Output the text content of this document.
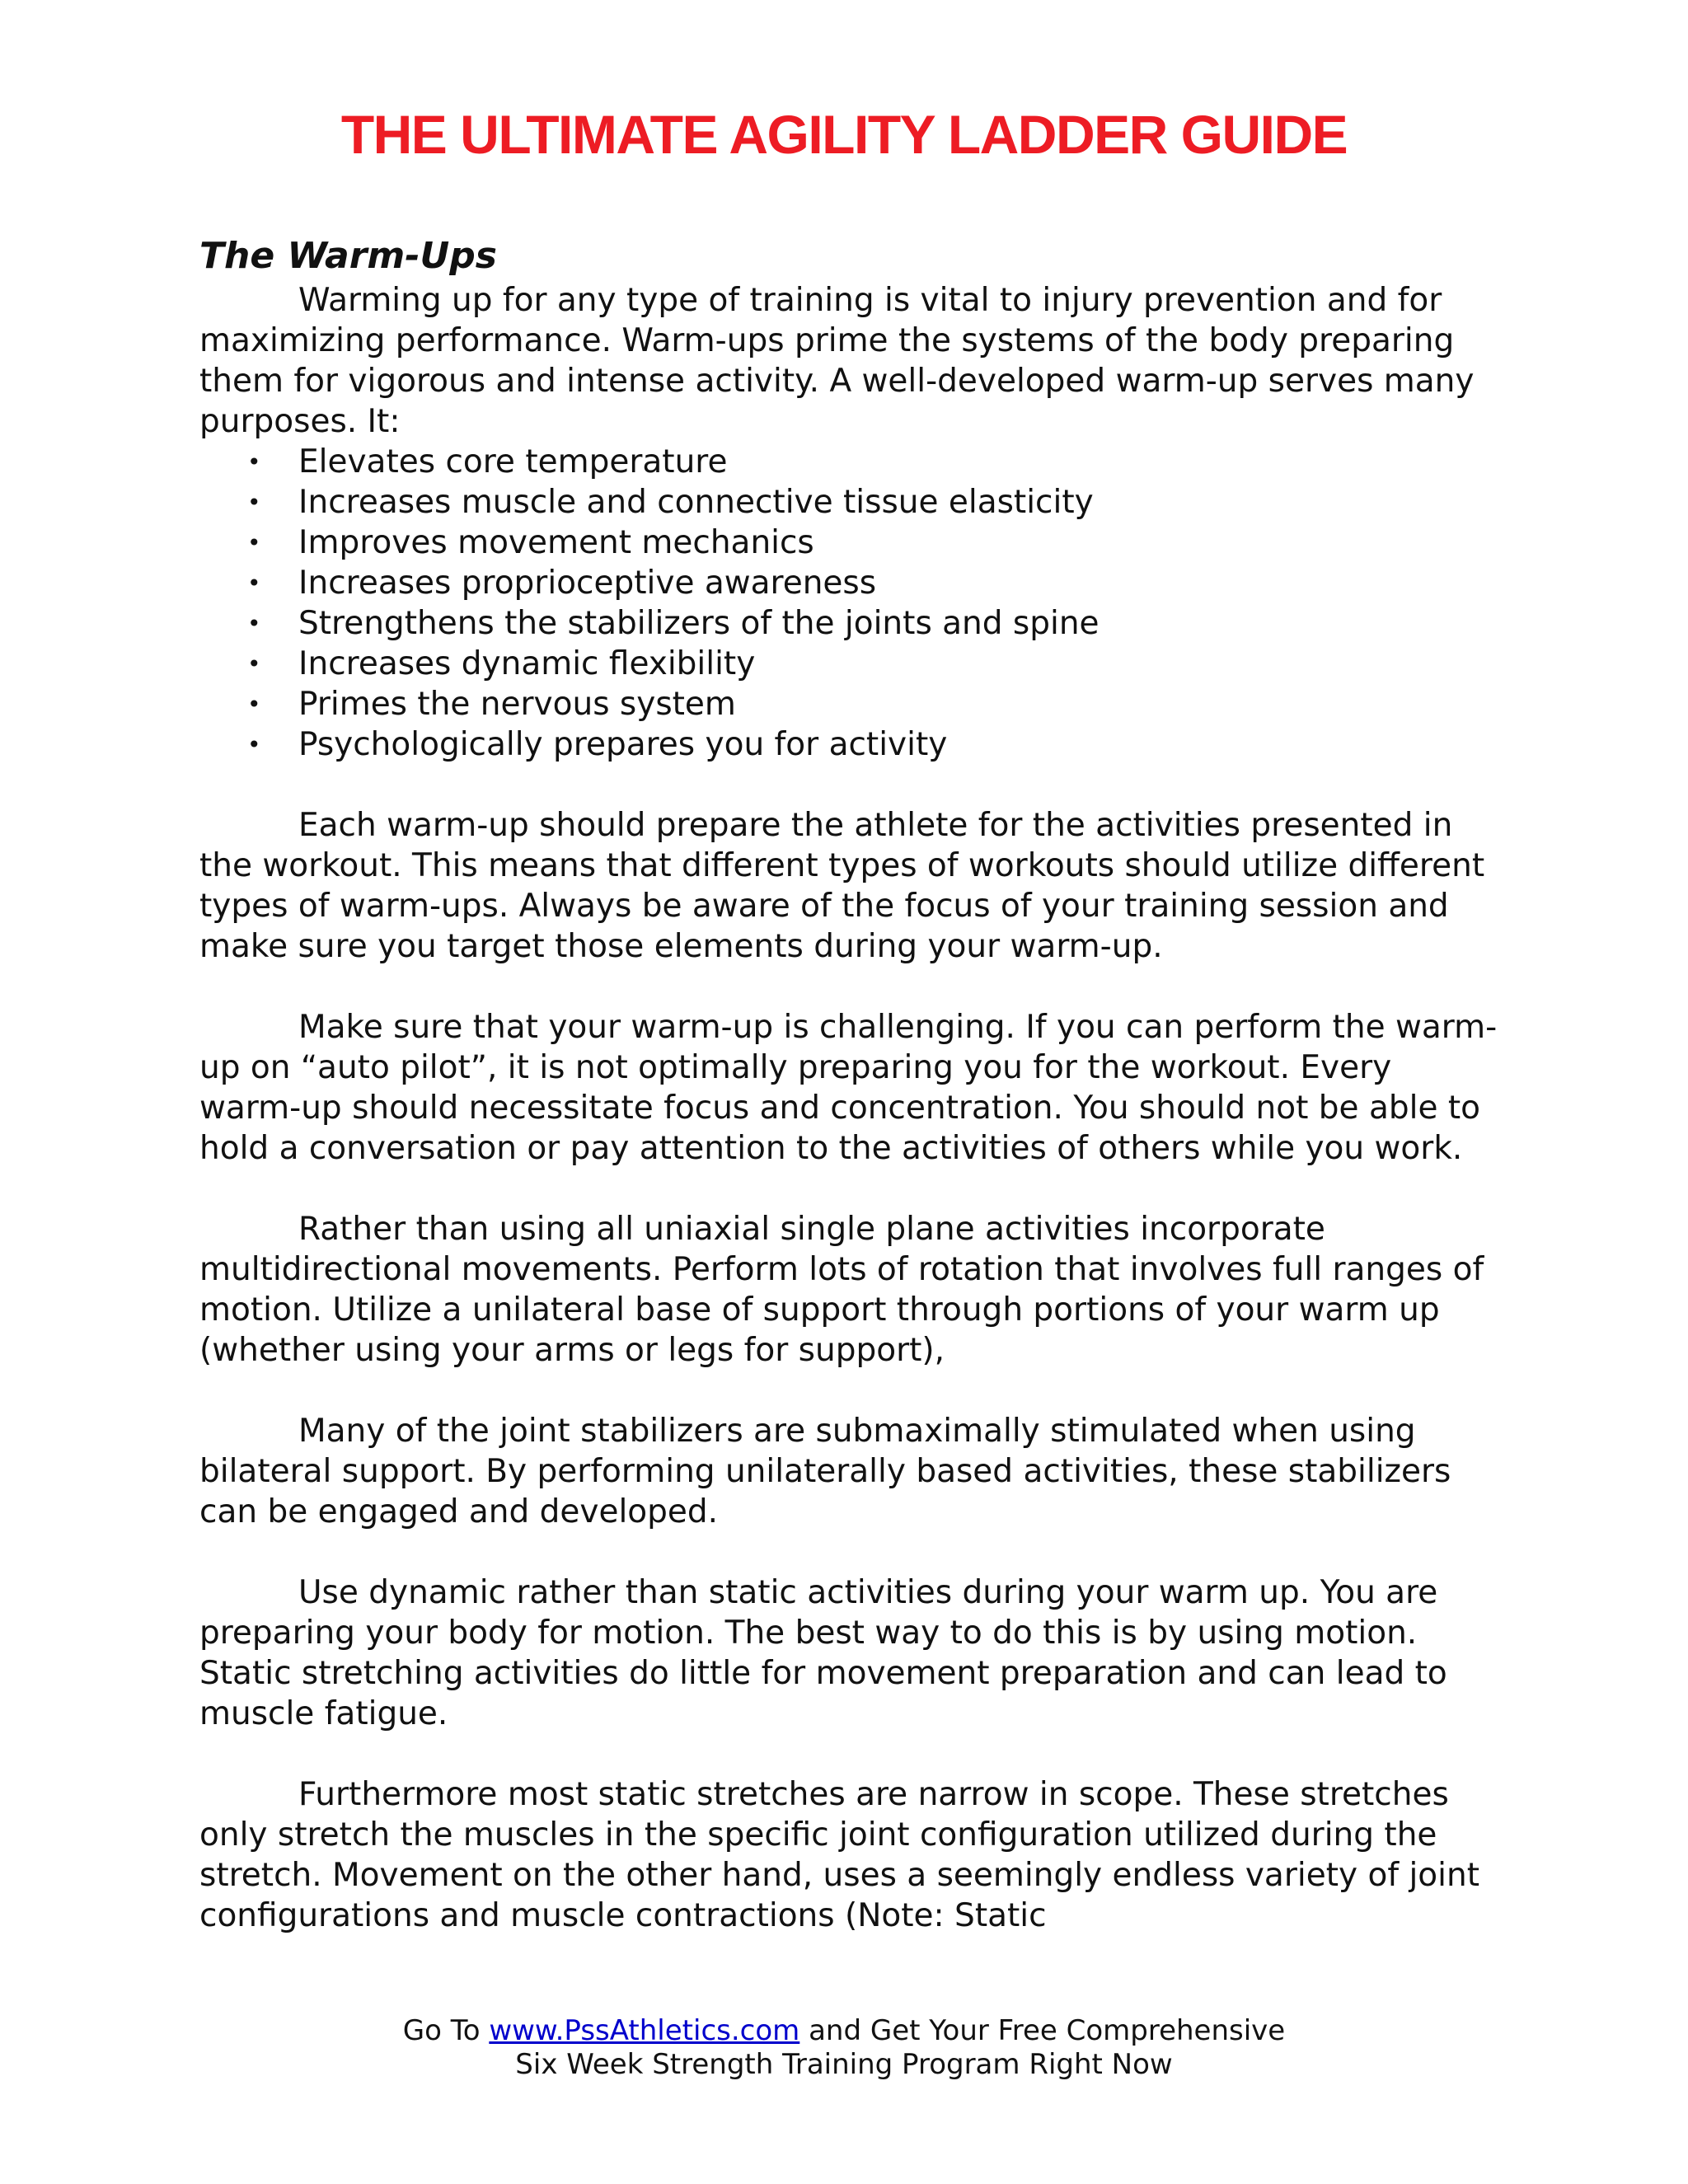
THE ULTIMATE AGILITY LADDER GUIDE
The Warm-Ups

Warming up for any type of training is vital to injury prevention and for maximizing performance. Warm-ups prime the systems of the body preparing them for vigorous and intense activity. A well-developed warm-up serves many purposes. It:

• Elevates core temperature
• Increases muscle and connective tissue elasticity
• Improves movement mechanics
• Increases proprioceptive awareness
• Strengthens the stabilizers of the joints and spine
• Increases dynamic flexibility
• Primes the nervous system
• Psychologically prepares you for activity

Each warm-up should prepare the athlete for the activities presented in the workout. This means that different types of workouts should utilize different types of warm-ups. Always be aware of the focus of your training session and make sure you target those elements during your warm-up.

Make sure that your warm-up is challenging. If you can perform the warm-up on “auto pilot”, it is not optimally preparing you for the workout. Every warm-up should necessitate focus and concentration. You should not be able to hold a conversation or pay attention to the activities of others while you work.

Rather than using all uniaxial single plane activities incorporate multidirectional movements. Perform lots of rotation that involves full ranges of motion. Utilize a unilateral base of support through portions of your warm up (whether using your arms or legs for support),

Many of the joint stabilizers are submaximally stimulated when using bilateral support. By performing unilaterally based activities, these stabilizers can be engaged and developed.

Use dynamic rather than static activities during your warm up. You are preparing your body for motion. The best way to do this is by using motion. Static stretching activities do little for movement preparation and can lead to muscle fatigue.

Furthermore most static stretches are narrow in scope. These stretches only stretch the muscles in the specific joint configuration utilized during the stretch. Movement on the other hand, uses a seemingly endless variety of joint configurations and muscle contractions (Note: Static

Go To www.PssAthletics.com and Get Your Free Comprehensive
Six Week Strength Training Program Right Now
